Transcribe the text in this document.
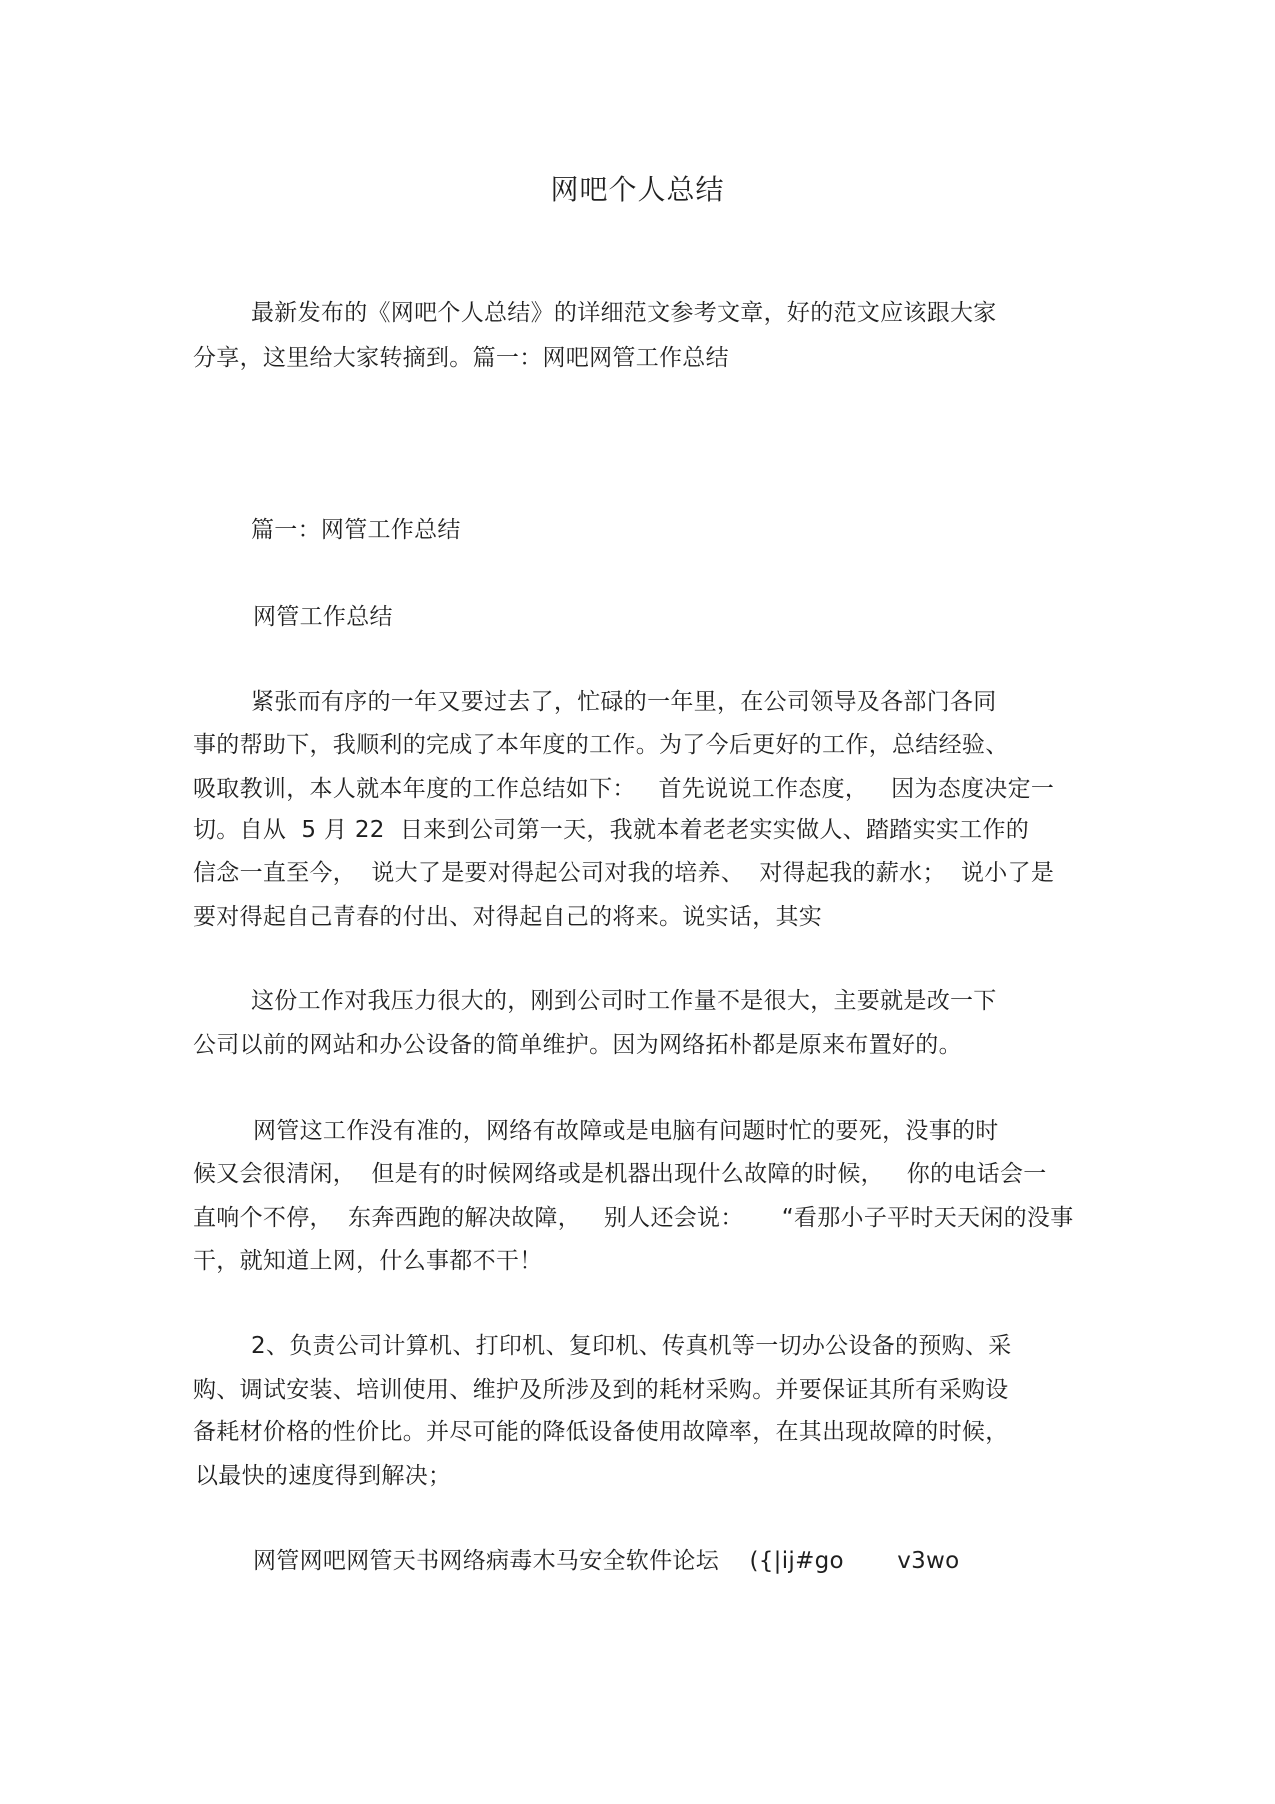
网吧个人总结
最新发布的《网吧个人总结》的详细范文参考文章，好的范文应该跟大家
分享，这里给大家转摘到。篇一：网吧网管工作总结
篇一：网管工作总结
网管工作总结
紧张而有序的一年又要过去了，忙碌的一年里，在公司领导及各部门各同
事的帮助下，我顺利的完成了本年度的工作。为了今后更好的工作，总结经验、
吸取教训，本人就本年度的工作总结如下：   首先说说工作态度，   因为态度决定一
切。自从  5 月 22  日来到公司第一天，我就本着老老实实做人、踏踏实实工作的
信念一直至今，  说大了是要对得起公司对我的培养、  对得起我的薪水；  说小了是
要对得起自己青春的付出、对得起自己的将来。说实话，其实
这份工作对我压力很大的，刚到公司时工作量不是很大，主要就是改一下
公司以前的网站和办公设备的简单维护。因为网络拓朴都是原来布置好的。
网管这工作没有准的，网络有故障或是电脑有问题时忙的要死，没事的时
候又会很清闲，  但是有的时候网络或是机器出现什么故障的时候，   你的电话会一
直响个不停，  东奔西跑的解决故障，   别人还会说：     “看那小子平时天天闲的没事
干，就知道上网，什么事都不干！
2、负责公司计算机、打印机、复印机、传真机等一切办公设备的预购、采
购、调试安装、培训使用、维护及所涉及到的耗材采购。并要保证其所有采购设
备耗材价格的性价比。并尽可能的降低设备使用故障率，在其出现故障的时候，
以最快的速度得到解决；
网管网吧网管天书网络病毒木马安全软件论坛    ({|ij#go       v3wo
